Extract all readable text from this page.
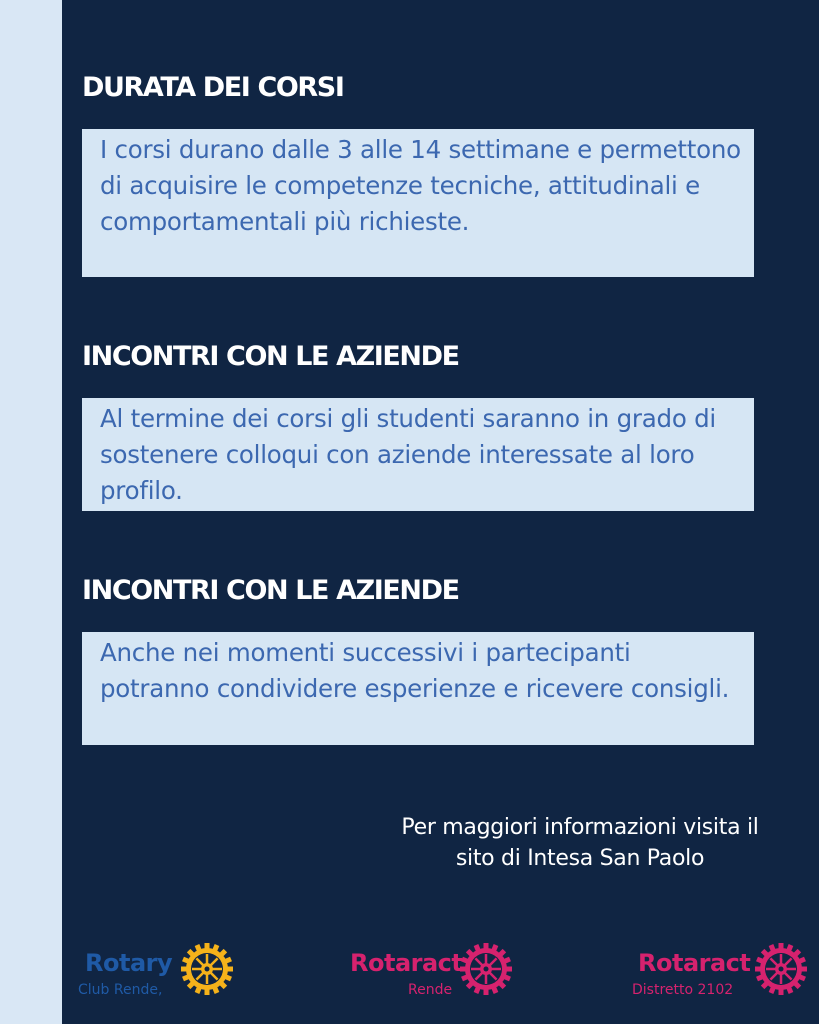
DURATA DEI CORSI

I corsi durano dalle 3 alle 14 settimane e permettono di acquisire le competenze tecniche, attitudinali e comportamentali più richieste.

INCONTRI CON LE AZIENDE

Al termine dei corsi gli studenti saranno in grado di sostenere colloqui con aziende interessate al loro profilo.

INCONTRI CON LE AZIENDE

Anche nei momenti successivi i partecipanti potranno condividere esperienze e ricevere consigli.

Per maggiori informazioni visita il

sito di Intesa San Paolo

Rotary
Club Rende,
Rotaract
Rende
Rotaract
Distretto 2102
